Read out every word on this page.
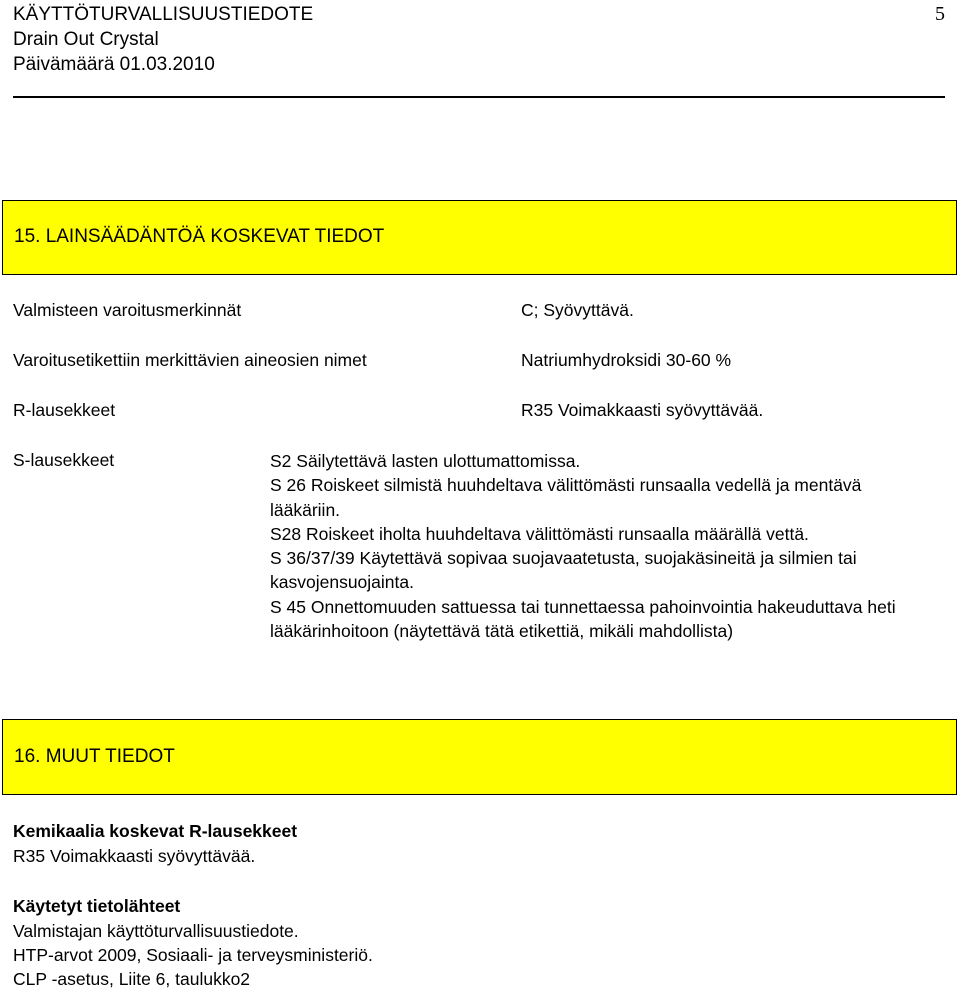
KÄYTTÖTURVALLISUUSTIEDOTE	5
Drain Out Crystal
Päivämäärä 01.03.2010
15. LAINSÄÄDÄNTÖÄ KOSKEVAT TIEDOT
Valmisteen varoitusmerkinnät	C; Syövyttävä.
Varoitusetikettiin merkittävien aineosien nimet	Natriumhydroksidi 30-60 %
R-lausekkeet	R35 Voimakkaasti syövyttävää.
S-lausekkeet	S2 Säilytettävä lasten ulottumattomissa.
S 26 Roiskeet silmistä huuhdeltava välittömästi runsaalla vedellä ja mentävä lääkäriin.
S28 Roiskeet iholta huuhdeltava välittömästi runsaalla määrällä vettä.
S 36/37/39 Käytettävä sopivaa suojavaatetusta, suojakäsineitä ja silmien tai kasvojensuojainta.
S 45 Onnettomuuden sattuessa tai tunnettaessa pahoinvointia hakeuduttava heti lääkärinhoitoon (näytettävä tätä etikettiä, mikäli mahdollista)
16. MUUT TIEDOT
Kemikaalia koskevat R-lausekkeet
R35 Voimakkaasti syövyttävää.
Käytetyt tietolähteet
Valmistajan käyttöturvallisuustiedote.
HTP-arvot 2009, Sosiaali- ja terveysministeriö.
CLP -asetus, Liite 6, taulukko2
